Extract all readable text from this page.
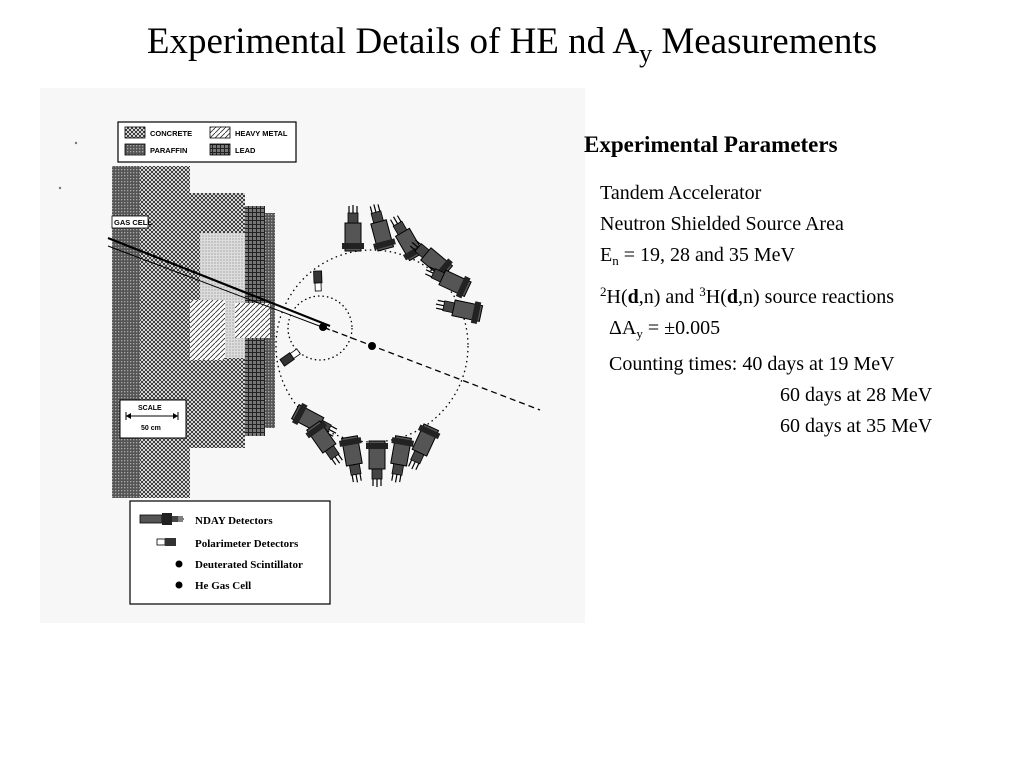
Experimental Details of HE nd $A_y$ Measurements
CONCRETE	HEAVY METAL
PARAFFIN	LEAD
GAS CELL
SCALE
50 cm
NDAY Detectors
Polarimeter Detectors
Deuterated Scintillator
He Gas Cell
Experimental Parameters
Tandem Accelerator
Neutron Shielded Source Area
$E_n = 19$, 28 and 35 MeV
$^2$H(d,n) and $^3$H(d,n) source reactions
$\Delta A_y = \pm 0.005$
Counting times: 40 days at 19 MeV
60 days at 28 MeV
60 days at 35 MeV
